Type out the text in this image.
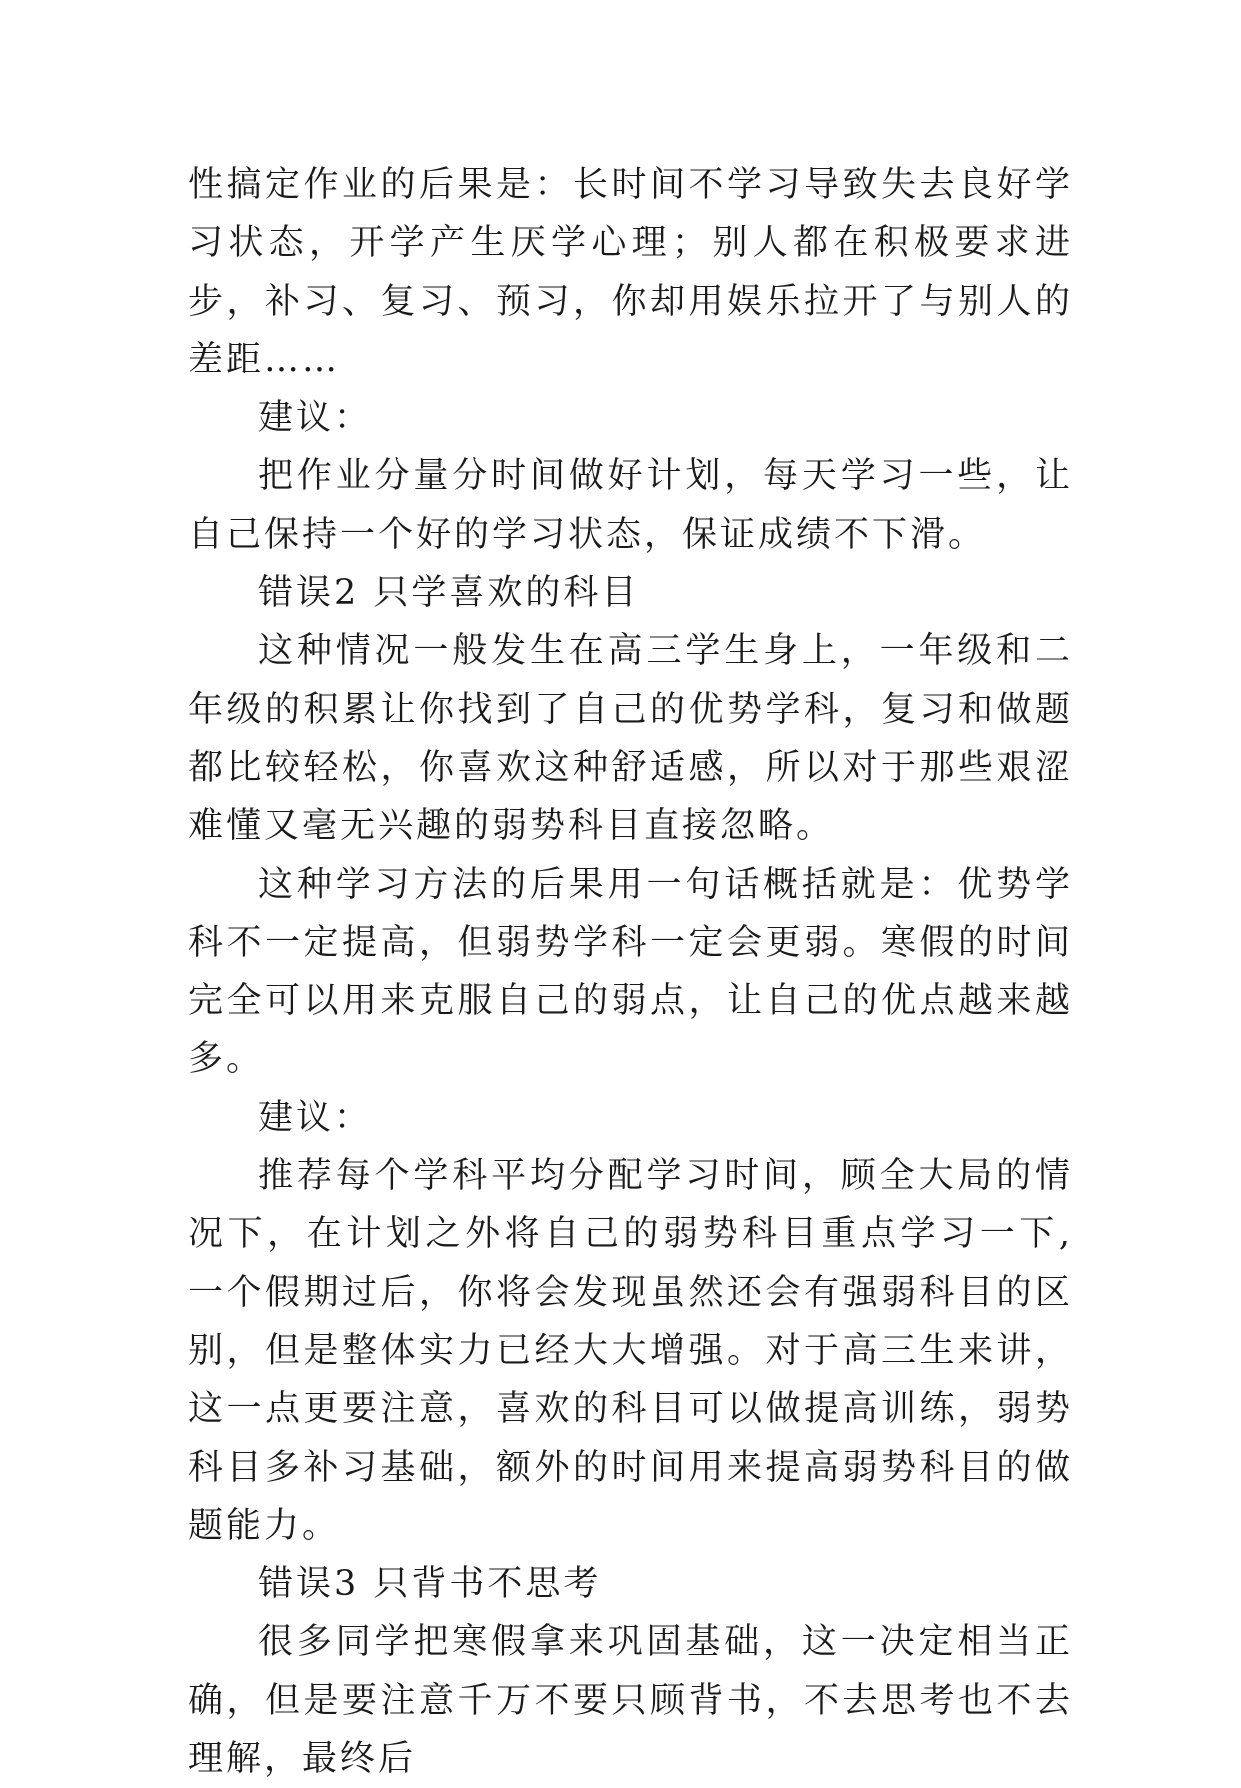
性搞定作业的后果是：长时间不学习导致失去良好学习状态，开学产生厌学心理；别人都在积极要求进步，补习、复习、预习，你却用娱乐拉开了与别人的差距……

建议：

把作业分量分时间做好计划，每天学习一些，让自己保持一个好的学习状态，保证成绩不下滑。

错误2 只学喜欢的科目

这种情况一般发生在高三学生身上，一年级和二年级的积累让你找到了自己的优势学科，复习和做题都比较轻松，你喜欢这种舒适感，所以对于那些艰涩难懂又毫无兴趣的弱势科目直接忽略。

这种学习方法的后果用一句话概括就是：优势学科不一定提高，但弱势学科一定会更弱。寒假的时间完全可以用来克服自己的弱点，让自己的优点越来越多。

建议：

推荐每个学科平均分配学习时间，顾全大局的情况下，在计划之外将自己的弱势科目重点学习一下,一个假期过后，你将会发现虽然还会有强弱科目的区别，但是整体实力已经大大增强。对于高三生来讲，这一点更要注意，喜欢的科目可以做提高训练，弱势科目多补习基础，额外的时间用来提高弱势科目的做题能力。

错误3 只背书不思考

很多同学把寒假拿来巩固基础，这一决定相当正确，但是要注意千万不要只顾背书，不去思考也不去理解，最终后
